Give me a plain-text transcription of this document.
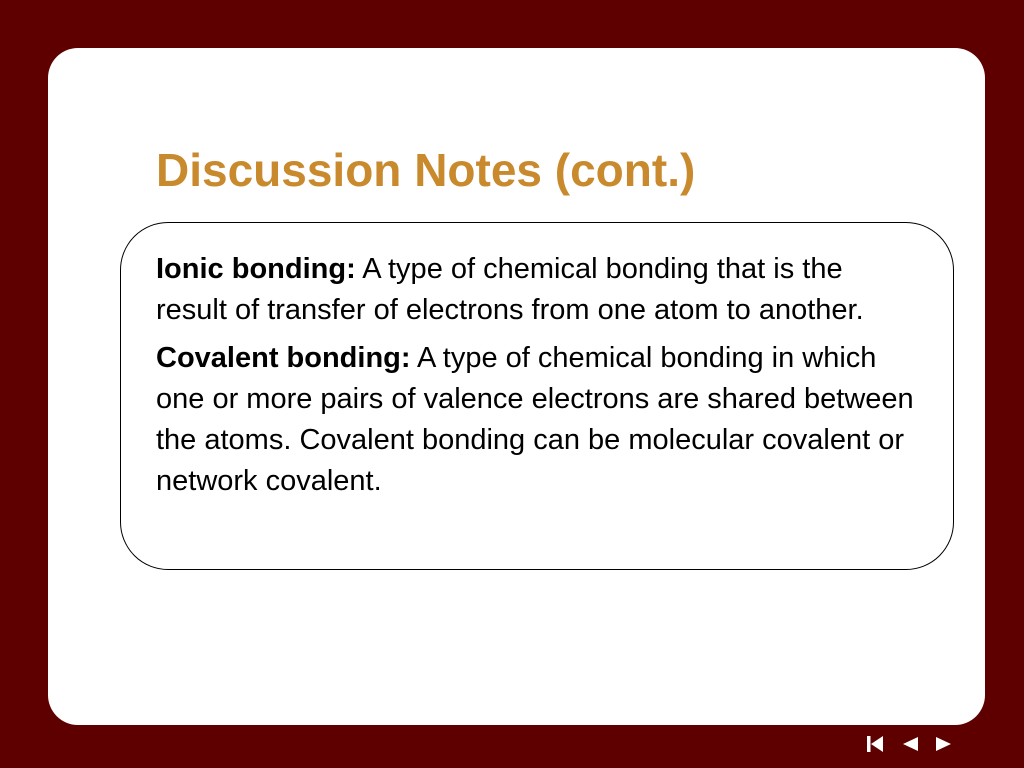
Discussion Notes (cont.)

Ionic bonding: A type of chemical bonding that is the result of transfer of electrons from one atom to another.

Covalent bonding: A type of chemical bonding in which one or more pairs of valence electrons are shared between the atoms. Covalent bonding can be molecular covalent or network covalent.
